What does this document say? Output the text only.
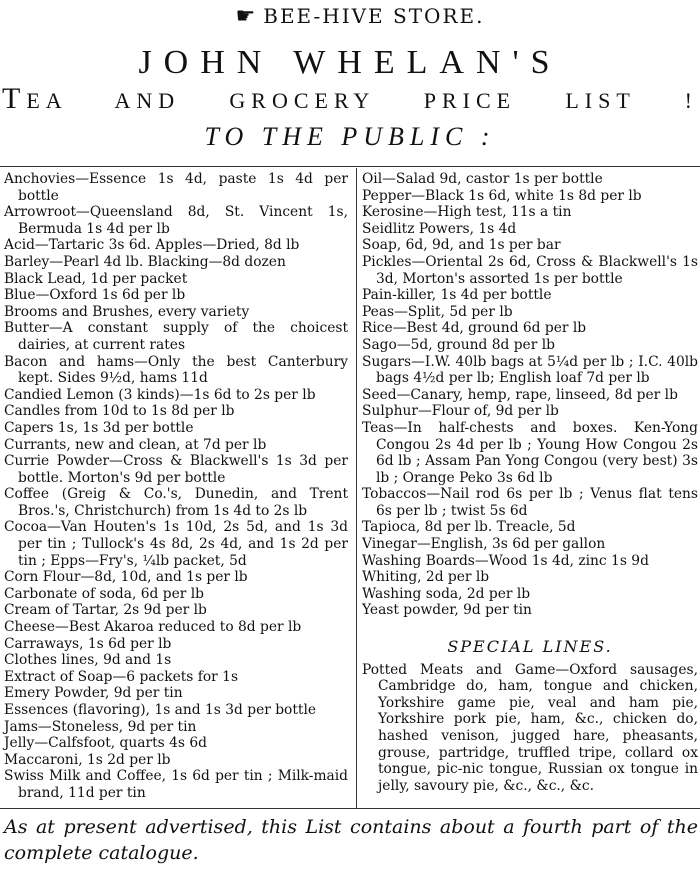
☛ BEE-HIVE STORE.
JOHN WHELAN'S
TEA AND GROCERY PRICE LIST !
TO THE PUBLIC :
Anchovies—Essence 1s 4d, paste 1s 4d per bottle
Arrowroot—Queensland 8d, St. Vincent 1s, Bermuda 1s 4d per lb
Acid—Tartaric 3s 6d. Apples—Dried, 8d lb
Barley—Pearl 4d lb. Blacking—8d dozen
Black Lead, 1d per packet
Blue—Oxford 1s 6d per lb
Brooms and Brushes, every variety
Butter—A constant supply of the choicest dairies, at current rates
Bacon and hams—Only the best Canterbury kept. Sides 9½d, hams 11d
Candied Lemon (3 kinds)—1s 6d to 2s per lb
Candles from 10d to 1s 8d per lb
Capers 1s, 1s 3d per bottle
Currants, new and clean, at 7d per lb
Currie Powder—Cross & Blackwell's 1s 3d per bottle. Morton's 9d per bottle
Coffee (Greig & Co.'s, Dunedin, and Trent Bros.'s, Christchurch) from 1s 4d to 2s lb
Cocoa—Van Houten's 1s 10d, 2s 5d, and 1s 3d per tin ; Tullock's 4s 8d, 2s 4d, and 1s 2d per tin ; Epps—Fry's, ¼lb packet, 5d
Corn Flour—8d, 10d, and 1s per lb
Carbonate of soda, 6d per lb
Cream of Tartar, 2s 9d per lb
Cheese—Best Akaroa reduced to 8d per lb
Carraways, 1s 6d per lb
Clothes lines, 9d and 1s
Extract of Soap—6 packets for 1s
Emery Powder, 9d per tin
Essences (flavoring), 1s and 1s 3d per bottle
Jams—Stoneless, 9d per tin
Jelly—Calfsfoot, quarts 4s 6d
Maccaroni, 1s 2d per lb
Swiss Milk and Coffee, 1s 6d per tin ; Milk-maid brand, 11d per tin
Oil—Salad 9d, castor 1s per bottle
Pepper—Black 1s 6d, white 1s 8d per lb
Kerosine—High test, 11s a tin
Seidlitz Powers, 1s 4d
Soap, 6d, 9d, and 1s per bar
Pickles—Oriental 2s 6d, Cross & Blackwell's 1s 3d, Morton's assorted 1s per bottle
Pain-killer, 1s 4d per bottle
Peas—Split, 5d per lb
Rice—Best 4d, ground 6d per lb
Sago—5d, ground 8d per lb
Sugars—I.W. 40lb bags at 5¼d per lb ; I.C. 40lb bags 4½d per lb; English loaf 7d per lb
Seed—Canary, hemp, rape, linseed, 8d per lb
Sulphur—Flour of, 9d per lb
Teas—In half-chests and boxes. Ken-Yong Congou 2s 4d per lb ; Young How Congou 2s 6d lb ; Assam Pan Yong Congou (very best) 3s lb ; Orange Peko 3s 6d lb
Tobaccos—Nail rod 6s per lb ; Venus flat tens 6s per lb ; twist 5s 6d
Tapioca, 8d per lb. Treacle, 5d
Vinegar—English, 3s 6d per gallon
Washing Boards—Wood 1s 4d, zinc 1s 9d
Whiting, 2d per lb
Washing soda, 2d per lb
Yeast powder, 9d per tin
SPECIAL LINES.
Potted Meats and Game—Oxford sausages, Cambridge do, ham, tongue and chicken, Yorkshire game pie, veal and ham pie, Yorkshire pork pie, ham, &c., chicken do, hashed venison, jugged hare, pheasants, grouse, partridge, truffled tripe, collard ox tongue, pic-nic tongue, Russian ox tongue in jelly, savoury pie, &c., &c., &c.
As at present advertised, this List contains about a fourth part of the complete catalogue.
